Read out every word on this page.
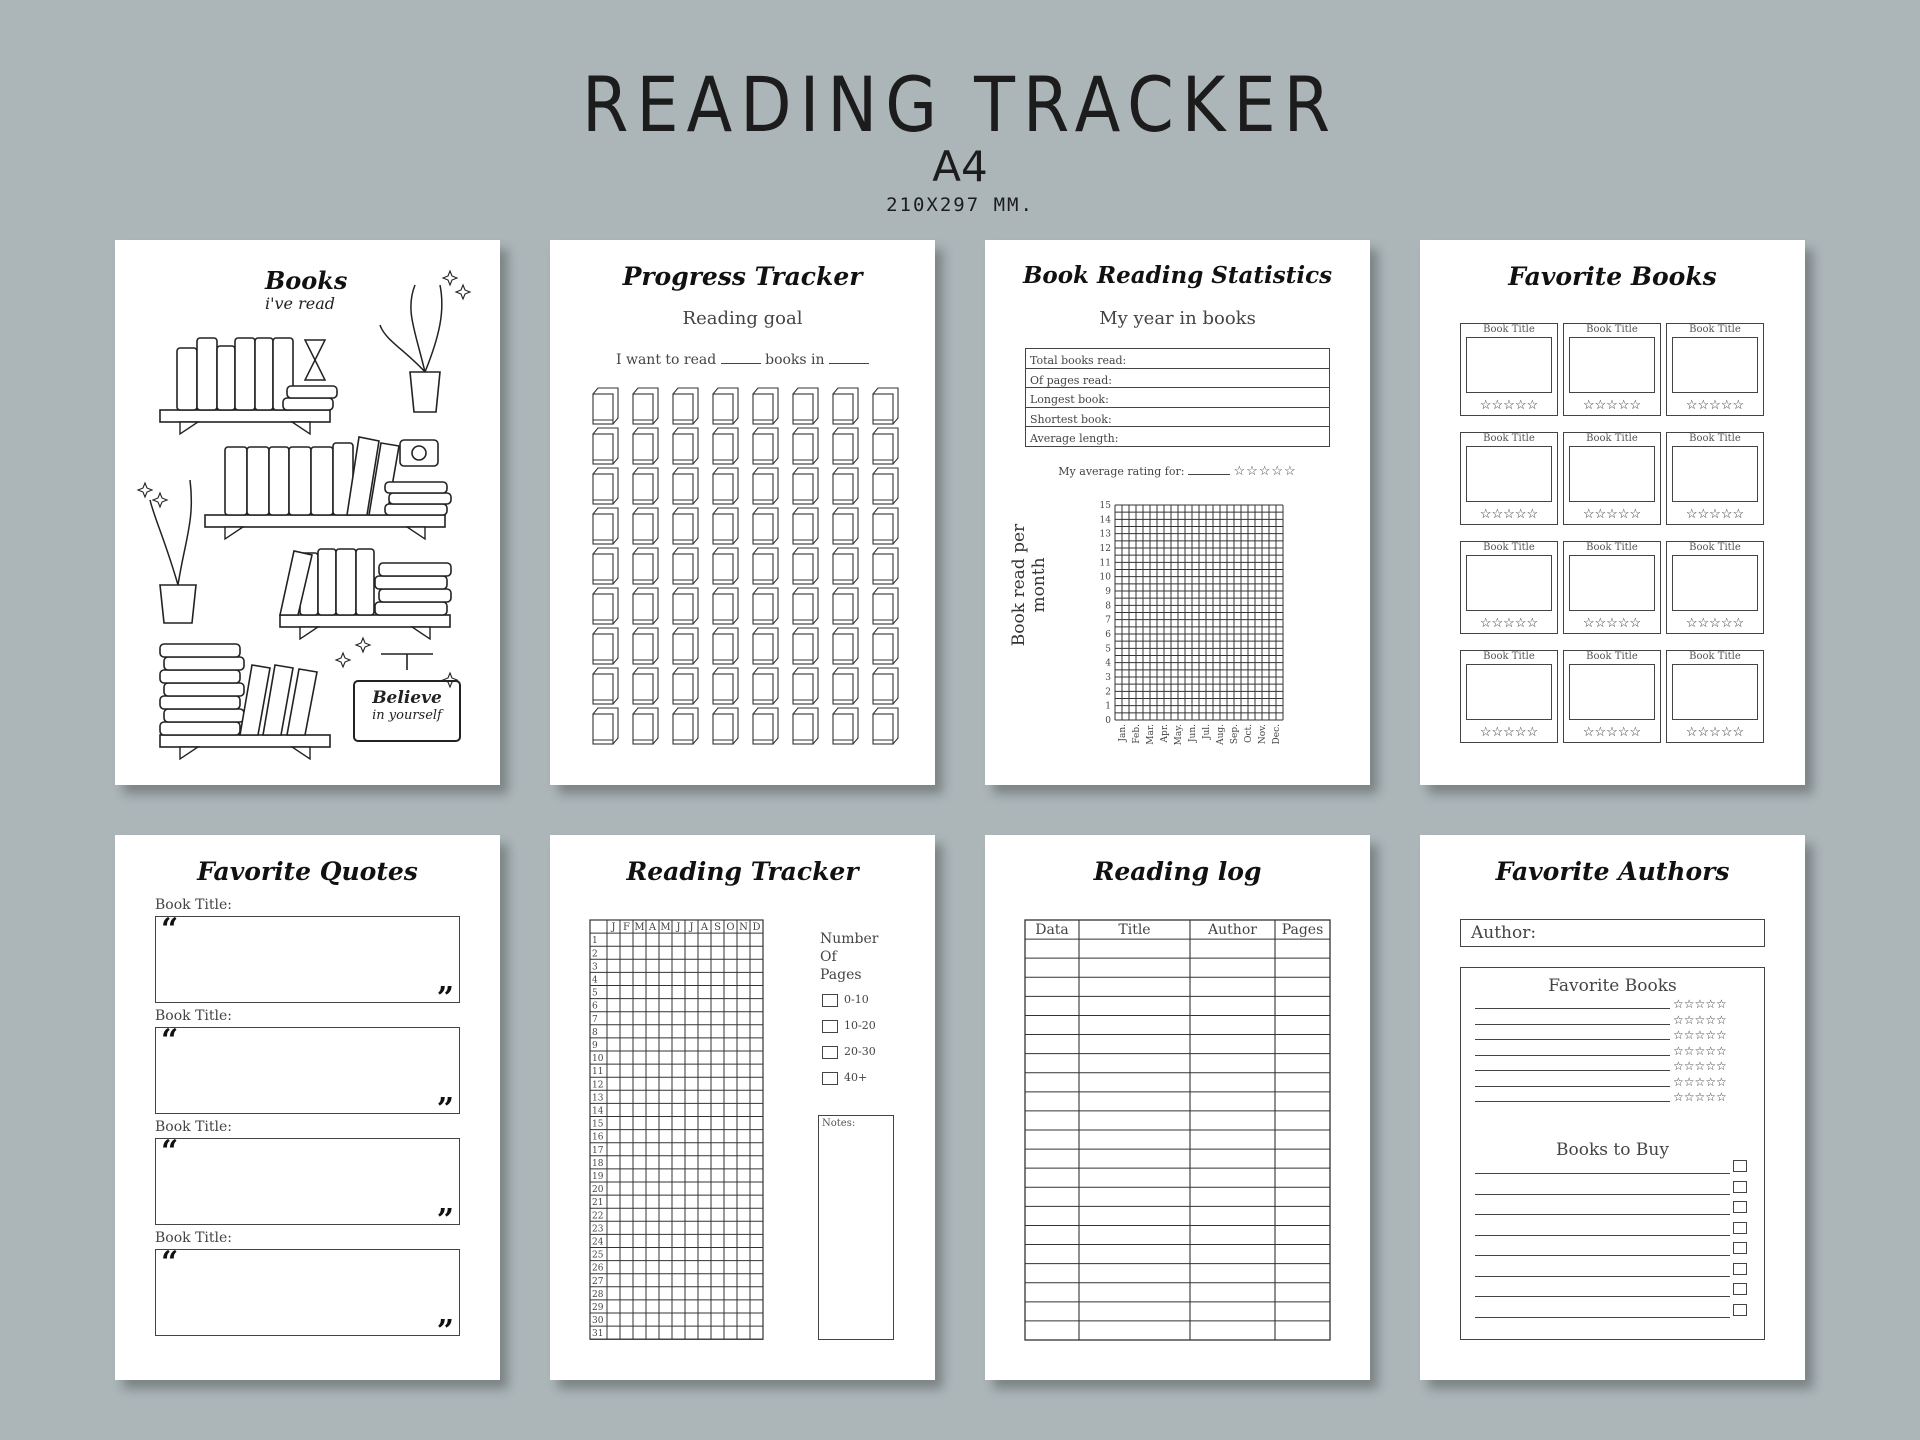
READING TRACKER
A4
210X297 MM.
Books
i've read
Believe
in yourself
Progress Tracker
Reading goal
I want to read	books in
Book Reading Statistics
My year in books
Total books read:
Of pages read:
Longest book:
Shortest book:
Average length:
My average rating for:	☆☆☆☆☆
0
1
2
3
4
5
6
7
8
9
10
11
12
13
14
15
Jan. Feb. Mar. Apr. May. Jun. Jul. Aug. Sep. Oct. Nov. Dec.
Book read per month
Favorite Books
Book Title
☆☆☆☆☆
Book Title
☆☆☆☆☆
Book Title
☆☆☆☆☆
Book Title
☆☆☆☆☆
Book Title
☆☆☆☆☆
Book Title
☆☆☆☆☆
Book Title
☆☆☆☆☆
Book Title
☆☆☆☆☆
Book Title
☆☆☆☆☆
Book Title
☆☆☆☆☆
Book Title
☆☆☆☆☆
Book Title
☆☆☆☆☆
Favorite Quotes
Book Title:
“
”
Book Title:
“
”
Book Title:
“
”
Book Title:
“
”
Reading Tracker
J F M A M J J A S O N D
1
2
3
4
5
6
7
8
9
10
11
12
13
14
15
16
17
18
19
20
21
22
23
24
25
26
27
28
29
30
31
Number
Of
Pages
0-10
10-20
20-30
40+
Notes:
Reading log
Data	Title	Author	Pages
Favorite Authors
Author:
Favorite Books
Books to Buy
☆☆☆☆☆
☆☆☆☆☆
☆☆☆☆☆
☆☆☆☆☆
☆☆☆☆☆
☆☆☆☆☆
☆☆☆☆☆
